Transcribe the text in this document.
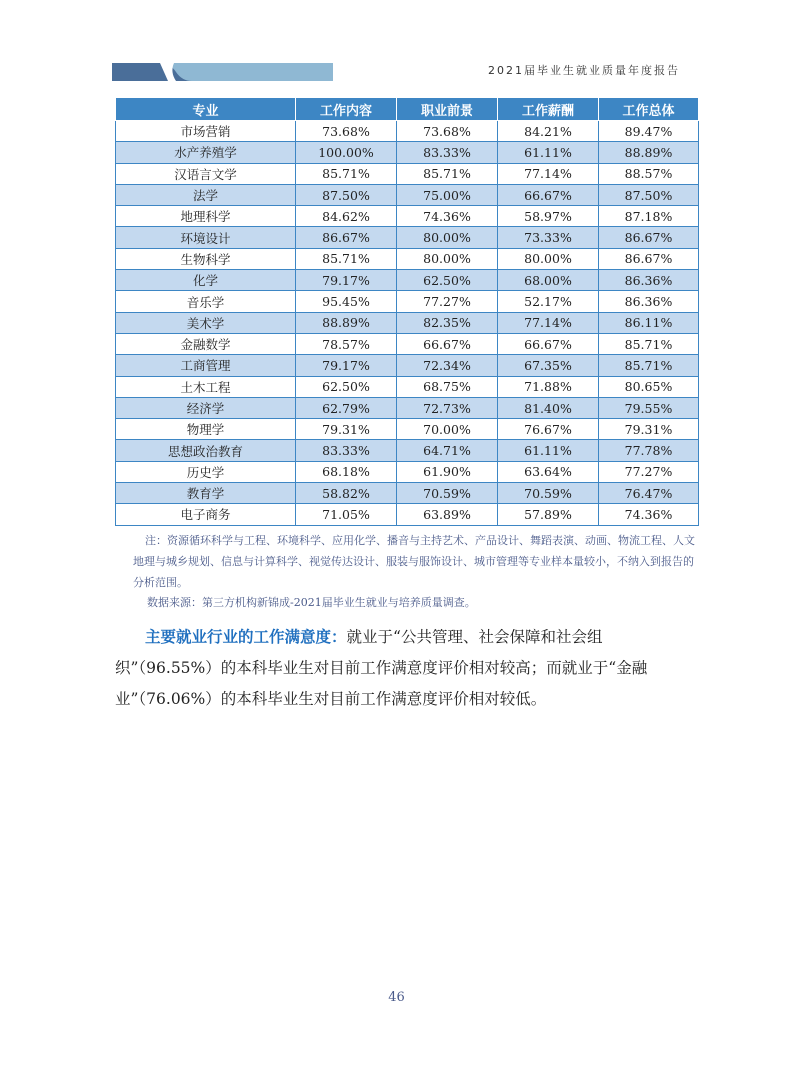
2021届毕业生就业质量年度报告
专业	工作内容	职业前景	工作薪酬	工作总体
市场营销	73.68%	73.68%	84.21%	89.47%
水产养殖学	100.00%	83.33%	61.11%	88.89%
汉语言文学	85.71%	85.71%	77.14%	88.57%
法学	87.50%	75.00%	66.67%	87.50%
地理科学	84.62%	74.36%	58.97%	87.18%
环境设计	86.67%	80.00%	73.33%	86.67%
生物科学	85.71%	80.00%	80.00%	86.67%
化学	79.17%	62.50%	68.00%	86.36%
音乐学	95.45%	77.27%	52.17%	86.36%
美术学	88.89%	82.35%	77.14%	86.11%
金融数学	78.57%	66.67%	66.67%	85.71%
工商管理	79.17%	72.34%	67.35%	85.71%
土木工程	62.50%	68.75%	71.88%	80.65%
经济学	62.79%	72.73%	81.40%	79.55%
物理学	79.31%	70.00%	76.67%	79.31%
思想政治教育	83.33%	64.71%	61.11%	77.78%
历史学	68.18%	61.90%	63.64%	77.27%
教育学	58.82%	70.59%	70.59%	76.47%
电子商务	71.05%	63.89%	57.89%	74.36%
注：资源循环科学与工程、环境科学、应用化学、播音与主持艺术、产品设计、舞蹈表演、动画、物流工程、人文地理与城乡规划、信息与计算科学、视觉传达设计、服装与服饰设计、城市管理等专业样本量较小，不纳入到报告的分析范围。
数据来源：第三方机构新锦成-2021届毕业生就业与培养质量调查。
主要就业行业的工作满意度：就业于“公共管理、社会保障和社会组织”（96.55%）的本科毕业生对目前工作满意度评价相对较高；而就业于“金融业”（76.06%）的本科毕业生对目前工作满意度评价相对较低。
46
